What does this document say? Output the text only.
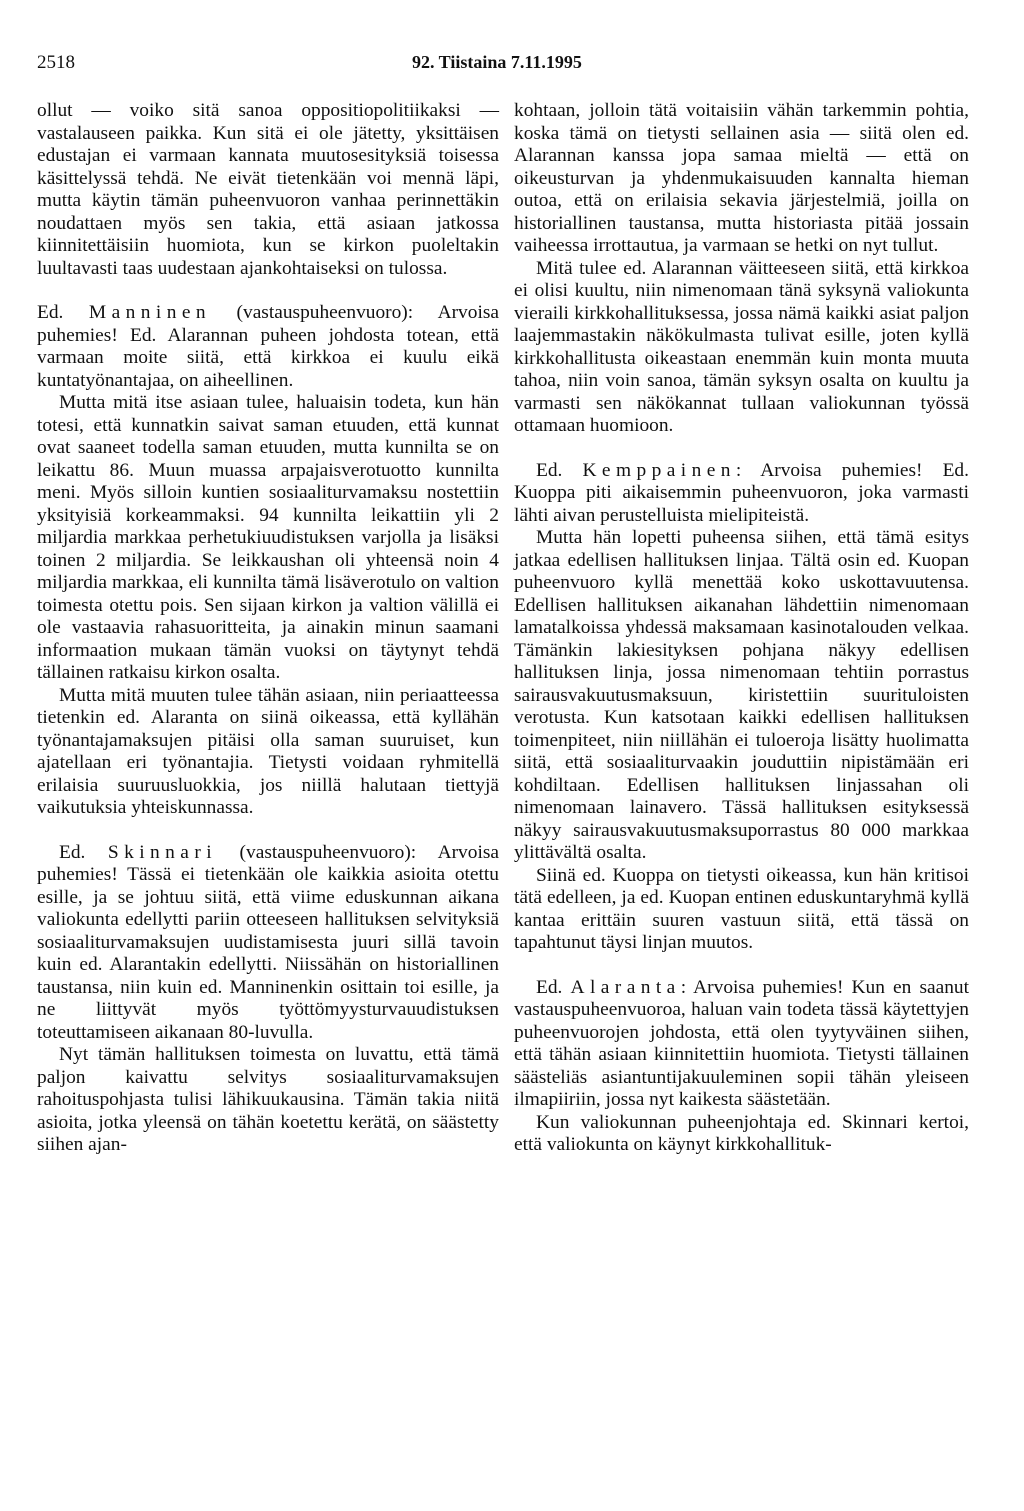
2518	92. Tiistaina 7.11.1995

ollut — voiko sitä sanoa oppositiopolitiikaksi — vastalauseen paikka. Kun sitä ei ole jätetty, yksittäisen edustajan ei varmaan kannata muutosesityksiä toisessa käsittelyssä tehdä. Ne eivät tietenkään voi mennä läpi, mutta käytin tämän puheenvuoron vanhaa perinnettäkin noudattaen myös sen takia, että asiaan jatkossa kiinnitettäisiin huomiota, kun se kirkon puoleltakin luultavasti taas uudestaan ajankohtaiseksi on tulossa.

Ed. Manninen (vastauspuheenvuoro): Arvoisa puhemies! Ed. Alarannan puheen johdosta totean, että varmaan moite siitä, että kirkkoa ei kuulu eikä kuntatyönantajaa, on aiheellinen.

Mutta mitä itse asiaan tulee, haluaisin todeta, kun hän totesi, että kunnatkin saivat saman etuuden, että kunnat ovat saaneet todella saman etuuden, mutta kunnilta se on leikattu 86. Muun muassa arpajaisverotuotto kunnilta meni. Myös silloin kuntien sosiaaliturvamaksu nostettiin yksityisiä korkeammaksi. 94 kunnilta leikattiin yli 2 miljardia markkaa perhetukiuudistuksen varjolla ja lisäksi toinen 2 miljardia. Se leikkaushan oli yhteensä noin 4 miljardia markkaa, eli kunnilta tämä lisäverotulo on valtion toimesta otettu pois. Sen sijaan kirkon ja valtion välillä ei ole vastaavia rahasuoritteita, ja ainakin minun saamani informaation mukaan tämän vuoksi on täytynyt tehdä tällainen ratkaisu kirkon osalta.

Mutta mitä muuten tulee tähän asiaan, niin periaatteessa tietenkin ed. Alaranta on siinä oikeassa, että kyllähän työnantajamaksujen pitäisi olla saman suuruiset, kun ajatellaan eri työnantajia. Tietysti voidaan ryhmitellä erilaisia suuruusluokkia, jos niillä halutaan tiettyjä vaikutuksia yhteiskunnassa.

Ed. Skinnari (vastauspuheenvuoro): Arvoisa puhemies! Tässä ei tietenkään ole kaikkia asioita otettu esille, ja se johtuu siitä, että viime eduskunnan aikana valiokunta edellytti pariin otteeseen hallituksen selvityksiä sosiaaliturvamaksujen uudistamisesta juuri sillä tavoin kuin ed. Alarantakin edellytti. Niissähän on historiallinen taustansa, niin kuin ed. Manninenkin osittain toi esille, ja ne liittyvät myös työttömyysturvauudistuksen toteuttamiseen aikanaan 80-luvulla.

Nyt tämän hallituksen toimesta on luvattu, että tämä paljon kaivattu selvitys sosiaaliturvamaksujen rahoituspohjasta tulisi lähikuukausina. Tämän takia niitä asioita, jotka yleensä on tähän koetettu kerätä, on säästetty siihen ajan-

kohtaan, jolloin tätä voitaisiin vähän tarkemmin pohtia, koska tämä on tietysti sellainen asia — siitä olen ed. Alarannan kanssa jopa samaa mieltä — että on oikeusturvan ja yhdenmukaisuuden kannalta hieman outoa, että on erilaisia sekavia järjestelmiä, joilla on historiallinen taustansa, mutta historiasta pitää jossain vaiheessa irrottautua, ja varmaan se hetki on nyt tullut.

Mitä tulee ed. Alarannan väitteeseen siitä, että kirkkoa ei olisi kuultu, niin nimenomaan tänä syksynä valiokunta vieraili kirkkohallituksessa, jossa nämä kaikki asiat paljon laajemmastakin näkökulmasta tulivat esille, joten kyllä kirkkohallitusta oikeastaan enemmän kuin monta muuta tahoa, niin voin sanoa, tämän syksyn osalta on kuultu ja varmasti sen näkökannat tullaan valiokunnan työssä ottamaan huomioon.

Ed. Kemppainen: Arvoisa puhemies! Ed. Kuoppa piti aikaisemmin puheenvuoron, joka varmasti lähti aivan perustelluista mielipiteistä.

Mutta hän lopetti puheensa siihen, että tämä esitys jatkaa edellisen hallituksen linjaa. Tältä osin ed. Kuopan puheenvuoro kyllä menettää koko uskottavuutensa. Edellisen hallituksen aikanahan lähdettiin nimenomaan lamatalkoissa yhdessä maksamaan kasinotalouden velkaa. Tämänkin lakiesityksen pohjana näkyy edellisen hallituksen linja, jossa nimenomaan tehtiin porrastus sairausvakuutusmaksuun, kiristettiin suurituloisten verotusta. Kun katsotaan kaikki edellisen hallituksen toimenpiteet, niin niillähän ei tuloeroja lisätty huolimatta siitä, että sosiaaliturvaakin jouduttiin nipistämään eri kohdiltaan. Edellisen hallituksen linjassahan oli nimenomaan lainavero. Tässä hallituksen esityksessä näkyy sairausvakuutusmaksuporrastus 80 000 markkaa ylittävältä osalta.

Siinä ed. Kuoppa on tietysti oikeassa, kun hän kritisoi tätä edelleen, ja ed. Kuopan entinen eduskuntaryhmä kyllä kantaa erittäin suuren vastuun siitä, että tässä on tapahtunut täysi linjan muutos.

Ed. Alaranta: Arvoisa puhemies! Kun en saanut vastauspuheenvuoroa, haluan vain todeta tässä käytettyjen puheenvuorojen johdosta, että olen tyytyväinen siihen, että tähän asiaan kiinnitettiin huomiota. Tietysti tällainen säästeliäs asiantuntijakuuleminen sopii tähän yleiseen ilmapiiriin, jossa nyt kaikesta säästetään.

Kun valiokunnan puheenjohtaja ed. Skinnari kertoi, että valiokunta on käynyt kirkkohallituk-
